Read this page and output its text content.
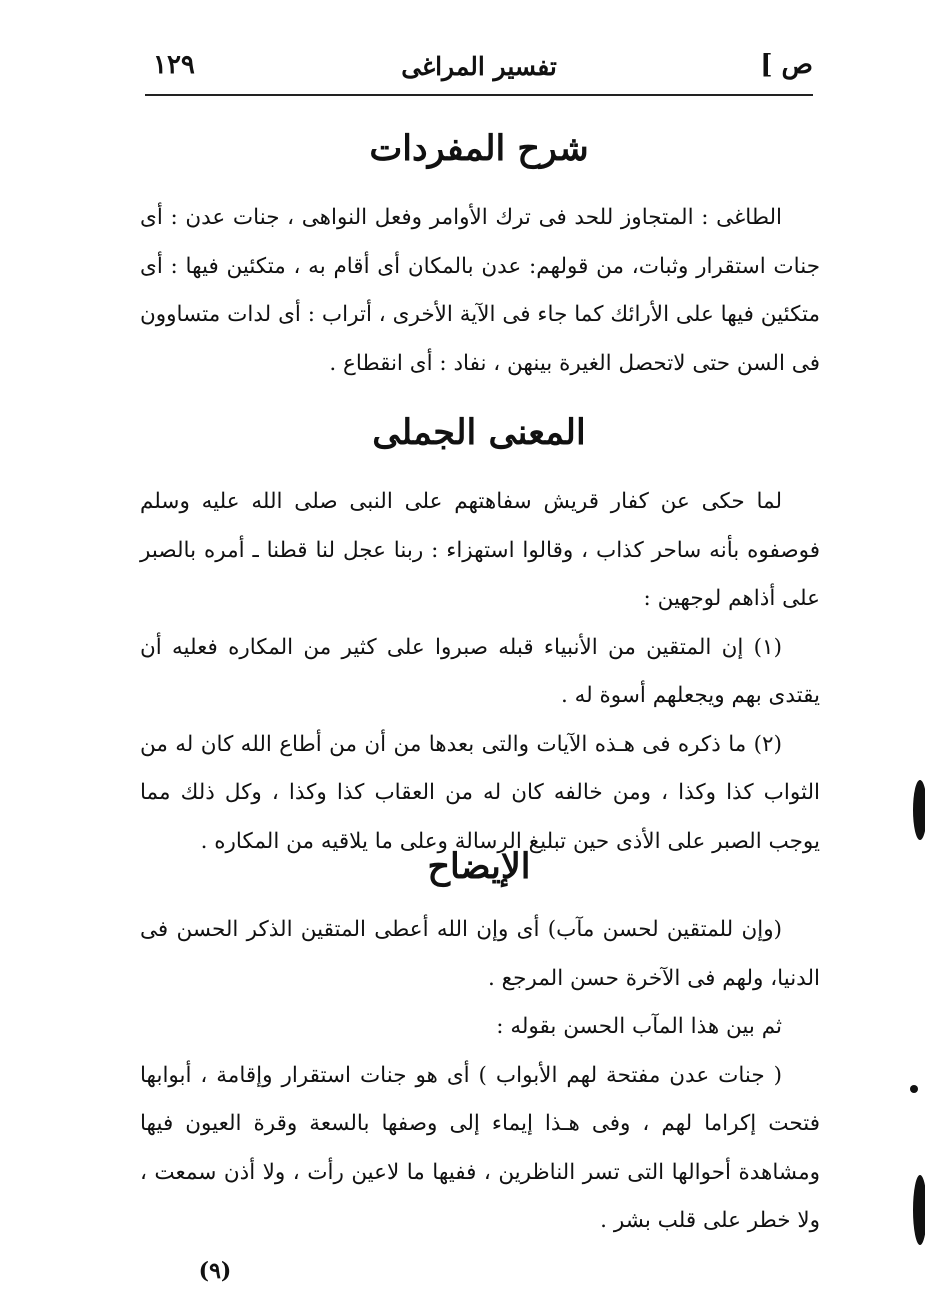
ص ]
تفسير المراغى
١٢٩
شرح المفردات

الطاغى : المتجاوز للحد فى ترك الأوامر وفعل النواهى ، جنات عدن : أى جنات استقرار وثبات، من قولهم: عدن بالمكان أى أقام به ، متكئين فيها : أى متكئين فيها على الأرائك كما جاء فى الآية الأخرى ، أتراب : أى لدات متساوون فى السن حتى لاتحصل الغيرة بينهن ، نفاد : أى انقطاع .

المعنى الجملى

لما حكى عن كفار قريش سفاهتهم على النبى صلى الله عليه وسلم فوصفوه بأنه ساحر كذاب ، وقالوا استهزاء : ربنا عجل لنا قطنا ـ أمره بالصبر على أذاهم لوجهين :

(١) إن المتقين من الأنبياء قبله صبروا على كثير من المكاره فعليه أن يقتدى بهم ويجعلهم أسوة له .

(٢) ما ذكره فى هـذه الآيات والتى بعدها من أن من أطاع الله كان له من الثواب كذا وكذا ، ومن خالفه كان له من العقاب كذا وكذا ، وكل ذلك مما يوجب الصبر على الأذى حين تبليغ الرسالة وعلى ما يلاقيه من المكاره .

الإيضاح

(وإن للمتقين لحسن مآب) أى وإن الله أعطى المتقين الذكر الحسن فى الدنيا، ولهم فى الآخرة حسن المرجع .

ثم بين هذا المآب الحسن بقوله :

( جنات عدن مفتحة لهم الأبواب ) أى هو جنات استقرار وإقامة ، أبوابها فتحت إكراما لهم ، وفى هـذا إيماء إلى وصفها بالسعة وقرة العيون فيها ومشاهدة أحوالها التى تسر الناظرين ، ففيها ما لاعين رأت ، ولا أذن سمعت ، ولا خطر على قلب بشر .

(٩)
